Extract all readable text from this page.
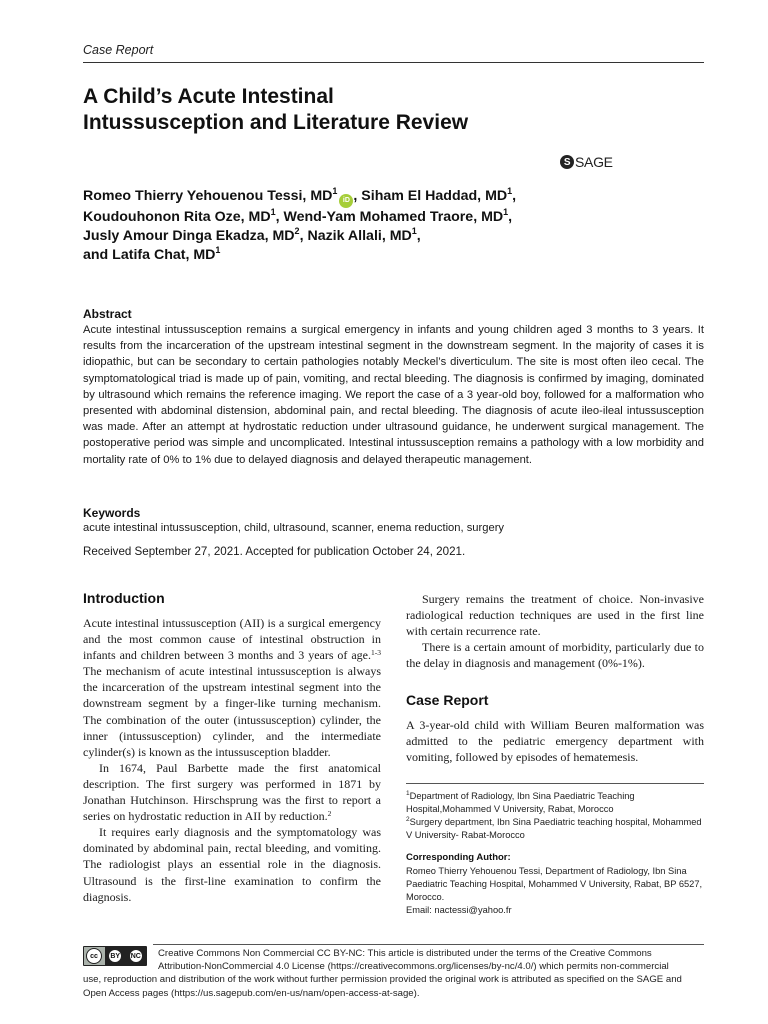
Case Report
A Child’s Acute Intestinal
Intussusception and Literature Review
S SAGE
Romeo Thierry Yehouenou Tessi, $MD^1iD$ , Siham El Haddad, $MD^1$,
Koudouhonon Rita Oze, $MD^1$, Wend-Yam Mohamed Traore, $MD^1$,
Jusly Amour Dinga Ekadza, $MD^2$, Nazik Allali, $MD^1$,
and Latifa Chat, $MD^1$
Abstract

Acute intestinal intussusception remains a surgical emergency in infants and young children aged 3 months to 3 years. It results from the incarceration of the upstream intestinal segment in the downstream segment. In the majority of cases it is idiopathic, but can be secondary to certain pathologies notably Meckel’s diverticulum. The site is most often ileo cecal. The symptomatological triad is made up of pain, vomiting, and rectal bleeding. The diagnosis is confirmed by imaging, dominated by ultrasound which remains the reference imaging. We report the case of a 3 year-old boy, followed for a malformation who presented with abdominal distension, abdominal pain, and rectal bleeding. The diagnosis of acute ileo-ileal intussusception was made. After an attempt at hydrostatic reduction under ultrasound guidance, he underwent surgical management. The postoperative period was simple and uncomplicated. Intestinal intussusception remains a pathology with a low morbidity and mortality rate of 0% to 1% due to delayed diagnosis and delayed therapeutic management.

Keywords

acute intestinal intussusception, child, ultrasound, scanner, enema reduction, surgery

Received September 27, 2021. Accepted for publication October 24, 2021.

Introduction

Acute intestinal intussusception (AII) is a surgical emergency and the most common cause of intestinal obstruction in infants and children between 3 months and 3 years of age.$^{1-3}$ The mechanism of acute intestinal intussusception is always the incarceration of the upstream intestinal segment into the downstream segment by a finger-like turning mechanism. The combination of the outer (intussusception) cylinder, the inner (intussusception) cylinder, and the intermediate cylinder(s) is known as the intussusception bladder.

In 1674, Paul Barbette made the first anatomical description. The first surgery was performed in 1871 by Jonathan Hutchinson. Hirschsprung was the first to report a series on hydrostatic reduction in AII by reduction.$^2$

It requires early diagnosis and the symptomatology was dominated by abdominal pain, rectal bleeding, and vomiting. The radiologist plays an essential role in the diagnosis. Ultrasound is the first-line examination to confirm the diagnosis.

Surgery remains the treatment of choice. Non-invasive radiological reduction techniques are used in the first line with certain recurrence rate.

There is a certain amount of morbidity, particularly due to the delay in diagnosis and management (0%-1%).

Case Report

A 3-year-old child with William Beuren malformation was admitted to the pediatric emergency department with vomiting, followed by episodes of hematemesis.

$^1$Department of Radiology, Ibn Sina Paediatric Teaching Hospital,Mohammed V University, Rabat, Morocco

$^2$Surgery department, Ibn Sina Paediatric teaching hospital, Mohammed V University- Rabat-Morocco

Corresponding Author:

Romeo Thierry Yehouenou Tessi, Department of Radiology, Ibn Sina Paediatric Teaching Hospital, Mohammed V University, Rabat, BP 6527, Morocco.

Email: nactessi@yahoo.fr

cc	BY NC	Creative Commons Non Commercial CC BY-NC: This article is distributed under the terms of the Creative Commons
Attribution-NonCommercial 4.0 License (https://creativecommons.org/licenses/by-nc/4.0/) which permits non-commercial
use, reproduction and distribution of the work without further permission provided the original work is attributed as specified on the SAGE and Open Access pages (https://us.sagepub.com/en-us/nam/open-access-at-sage).
